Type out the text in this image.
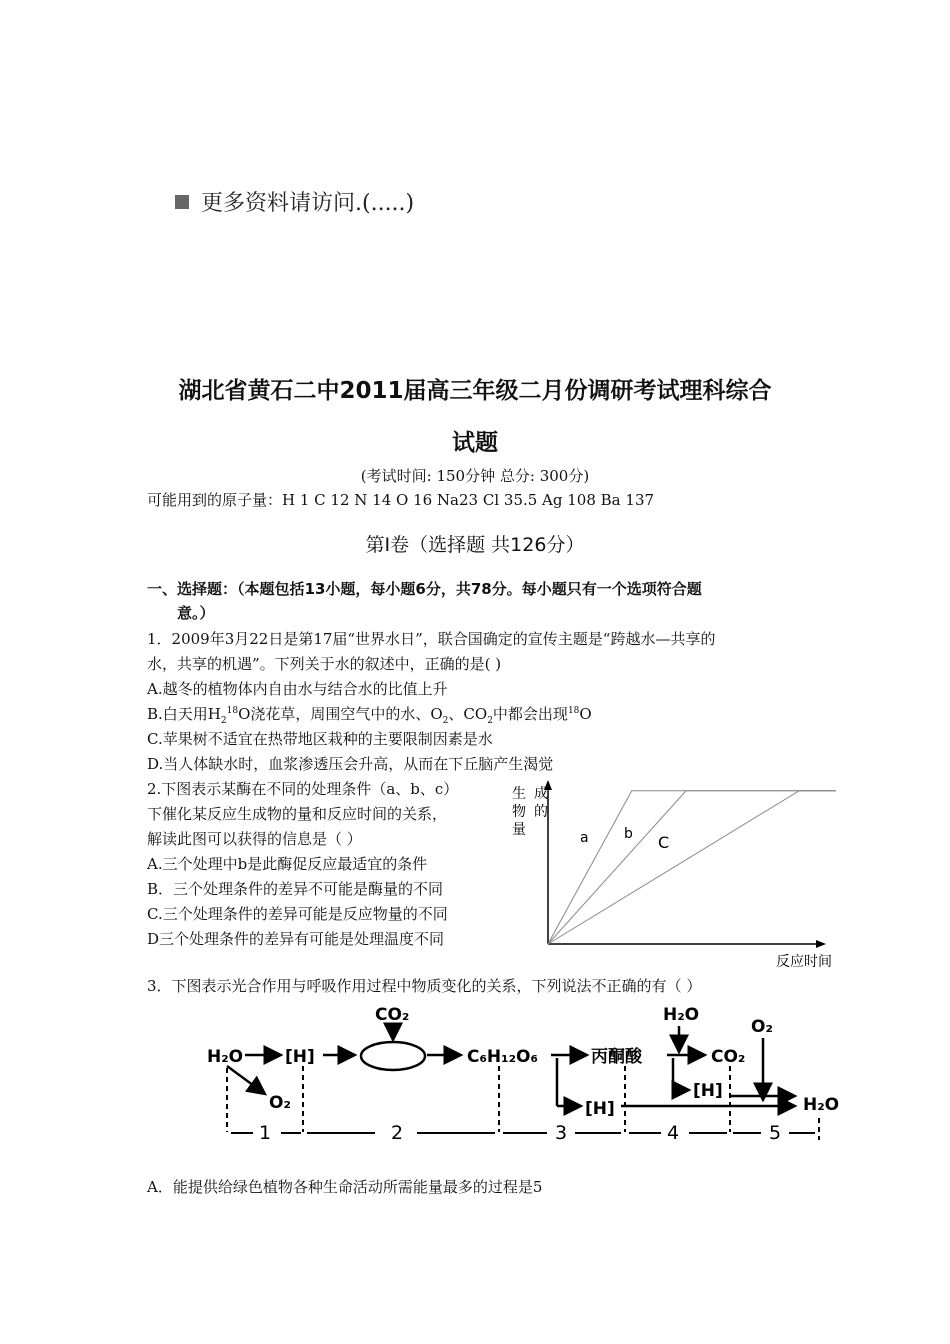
更多资料请访问.(.....)
湖北省黄石二中2011届高三年级二月份调研考试理科综合
试题
(考试时间: 150分钟 总分: 300分)
可能用到的原子量：H 1 C 12 N 14 O 16 Na23 Cl 35.5 Ag 108 Ba 137
第Ⅰ卷（选择题 共126分）
一、选择题：（本题包括13小题，每小题6分，共78分。每小题只有一个选项符合题
意。）
1．2009年3月22日是第17届“世界水日”，联合国确定的宣传主题是“跨越水—共享的
水，共享的机遇”。下列关于水的叙述中，正确的是( )
A.越冬的植物体内自由水与结合水的比值上升
B.白天用$H_2^{18}O$浇花草，周围空气中的水、$O_2$、$CO_2$中都会出现$^{18}$O
C.苹果树不适宜在热带地区栽种的主要限制因素是水
D.当人体缺水时，血浆渗透压会升高，从而在下丘脑产生渴觉
2.下图表示某酶在不同的处理条件（a、b、c）
下催化某反应生成物的量和反应时间的关系，
解读此图可以获得的信息是（ ）
A.三个处理中b是此酶促反应最适宜的条件
B．三个处理条件的差异不可能是酶量的不同
C.三个处理条件的差异可能是反应物量的不同
D三个处理条件的差异有可能是处理温度不同
生
物
量
成
的
反应时间
a	b C
3．下图表示光合作用与呼吸作用过程中物质变化的关系，下列说法不正确的有（ ）
H₂O [H]
O₂
CO₂
C₆H₁₂O₆	丙酮酸
H₂O
CO₂
O₂
[H]
[H]	H₂O
1	2	3	4	5
A．能提供给绿色植物各种生命活动所需能量最多的过程是5
